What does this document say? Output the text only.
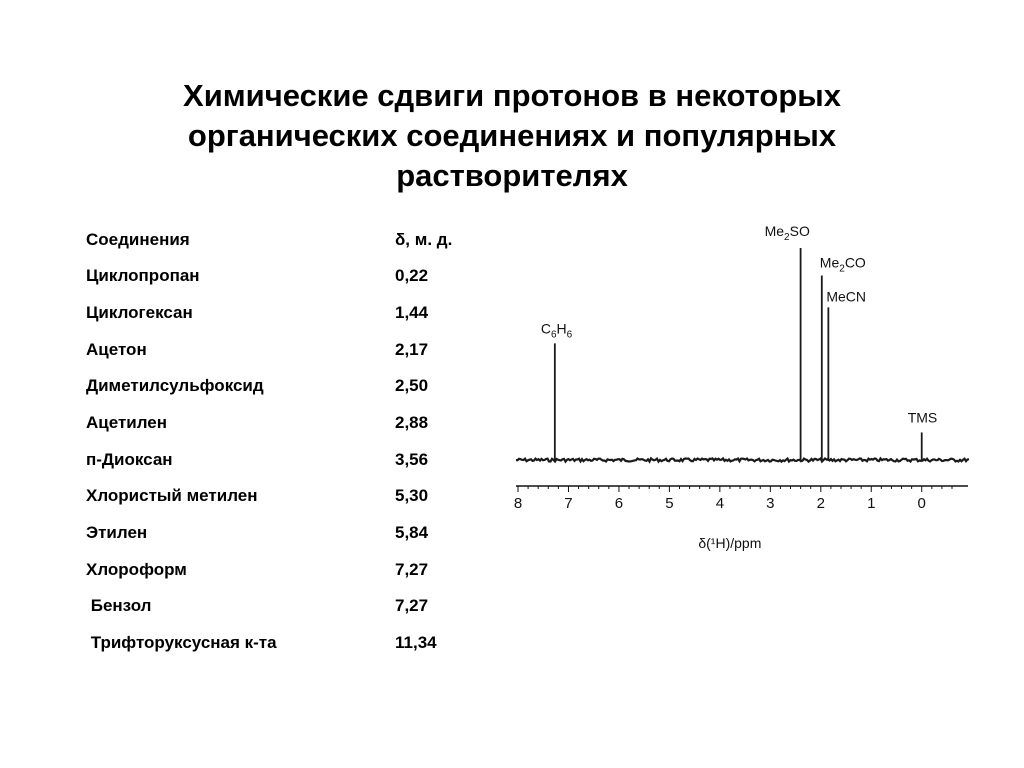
Химические сдвиги протонов в некоторых
органических соединениях и популярных
растворителях
Соединения	δ, м. д.
Циклопропан	0,22
Циклогексан	1,44
Ацетон	2,17
Диметилсульфоксид	2,50
Ацетилен	2,88
п-Диоксан	3,56
Хлористый метилен	5,30
Этилен	5,84
Хлороформ	7,27
Бензол	7,27
Трифторуксусная к-та	11,34
$C_6H_6$
$Me_2SO$
$Me_2CO$
MeCN
TMS
8	7	6	5	4	3	2	1	0
δ(¹H)/ppm
